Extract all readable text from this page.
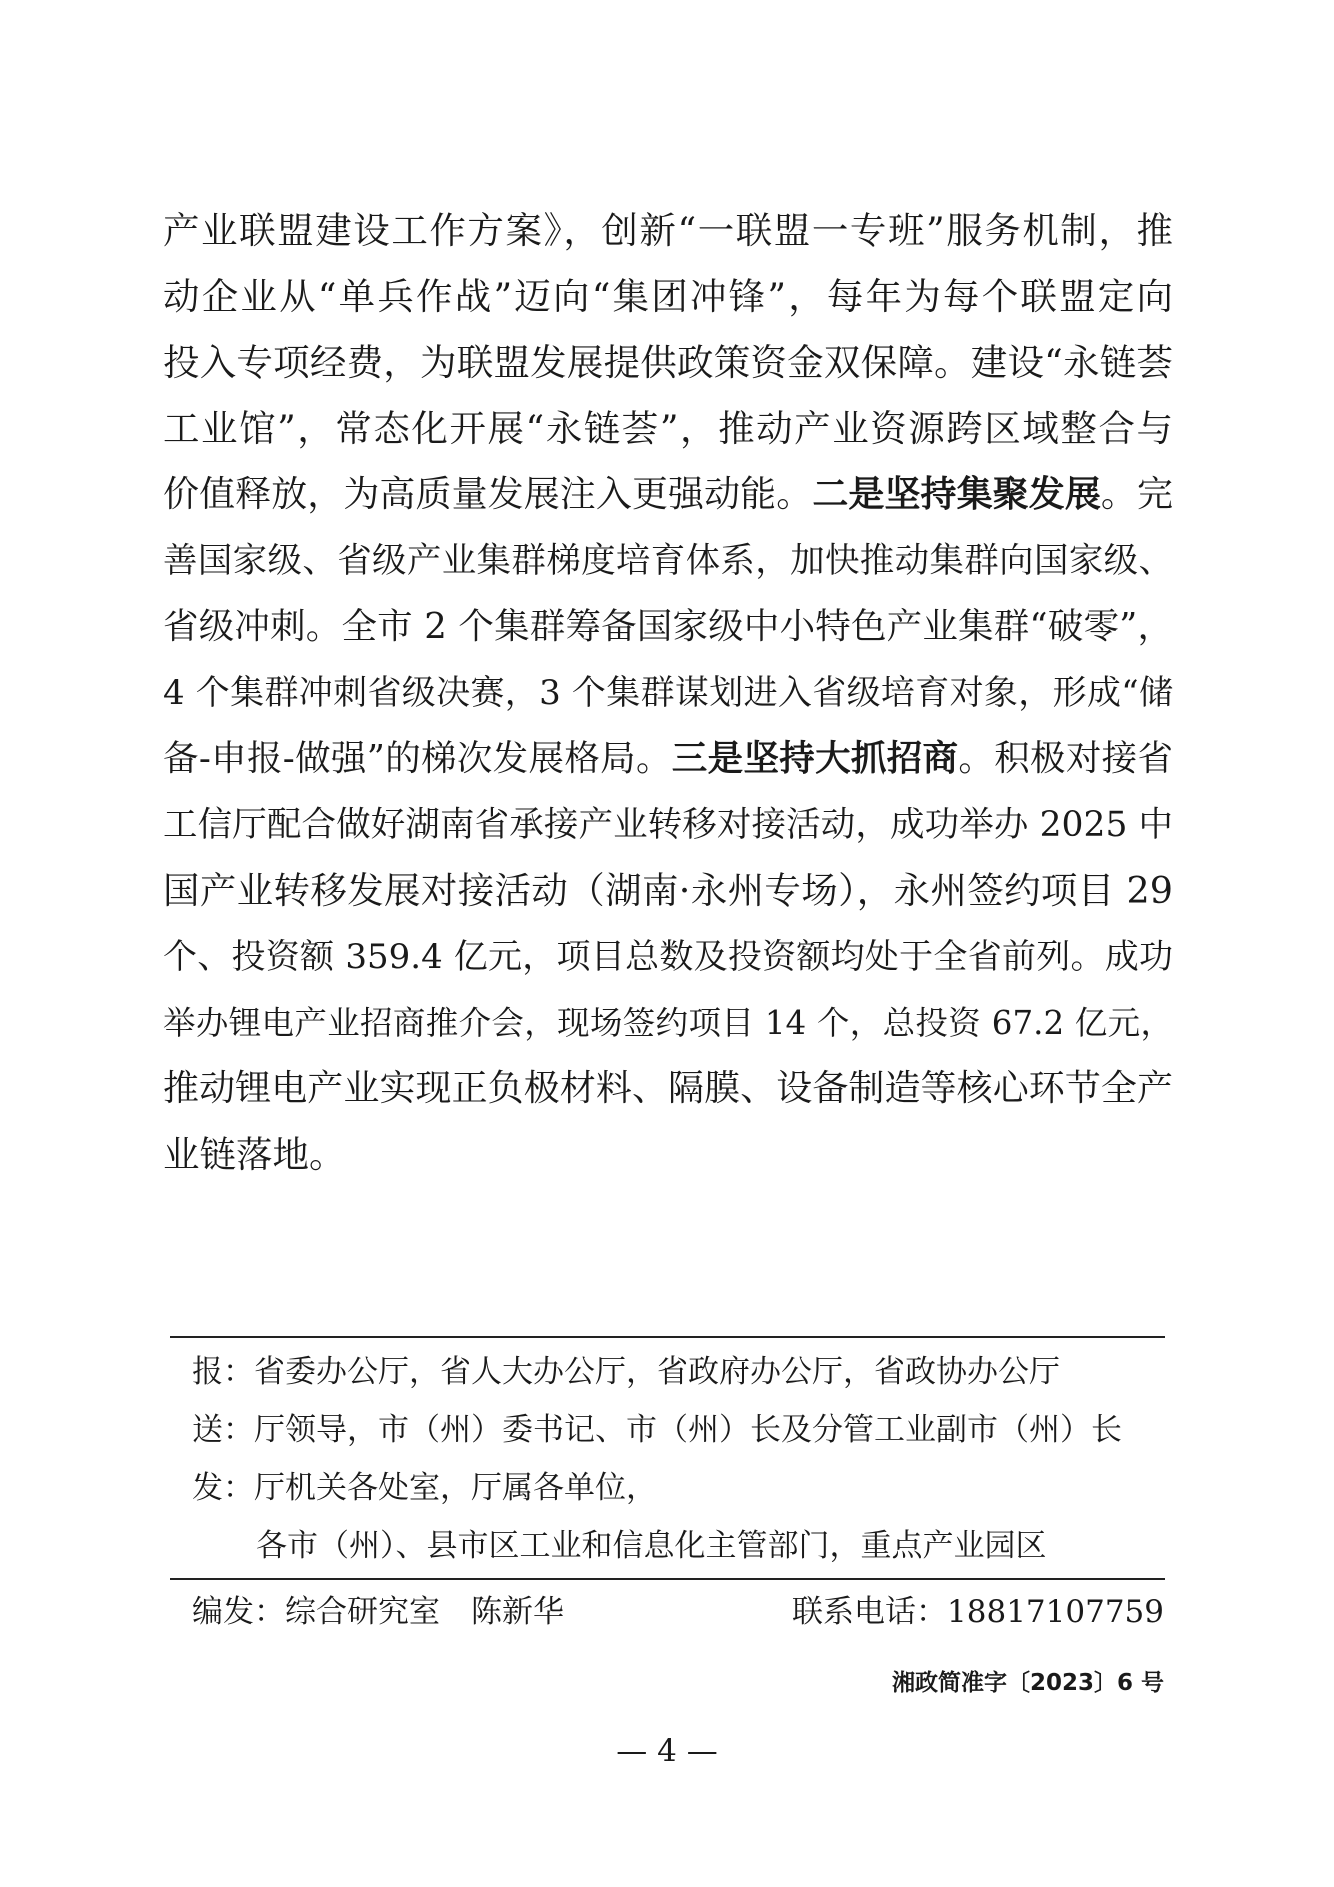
产业联盟建设工作方案》，创新“一联盟一专班”服务机制，推
动企业从“单兵作战”迈向“集团冲锋”，每年为每个联盟定向
投入专项经费，为联盟发展提供政策资金双保障。建设“永链荟
工业馆”，常态化开展“永链荟”，推动产业资源跨区域整合与
价值释放，为高质量发展注入更强动能。二是坚持集聚发展。完
善国家级、省级产业集群梯度培育体系，加快推动集群向国家级、
省级冲刺。全市 2 个集群筹备国家级中小特色产业集群“破零”，
4 个集群冲刺省级决赛，3 个集群谋划进入省级培育对象，形成“储
备-申报-做强”的梯次发展格局。三是坚持大抓招商。积极对接省
工信厅配合做好湖南省承接产业转移对接活动，成功举办 2025 中
国产业转移发展对接活动（湖南·永州专场），永州签约项目 29
个、投资额 359.4 亿元，项目总数及投资额均处于全省前列。成功
举办锂电产业招商推介会，现场签约项目 14 个，总投资 67.2 亿元，
推动锂电产业实现正负极材料、隔膜、设备制造等核心环节全产
业链落地。
报：省委办公厅，省人大办公厅，省政府办公厅，省政协办公厅
送：厅领导，市（州）委书记、市（州）长及分管工业副市（州）长
发：厅机关各处室，厅属各单位，
各市（州）、县市区工业和信息化主管部门，重点产业园区
编发：综合研究室　陈新华	联系电话：18817107759
湘政简准字〔2023〕6 号
— 4 —
